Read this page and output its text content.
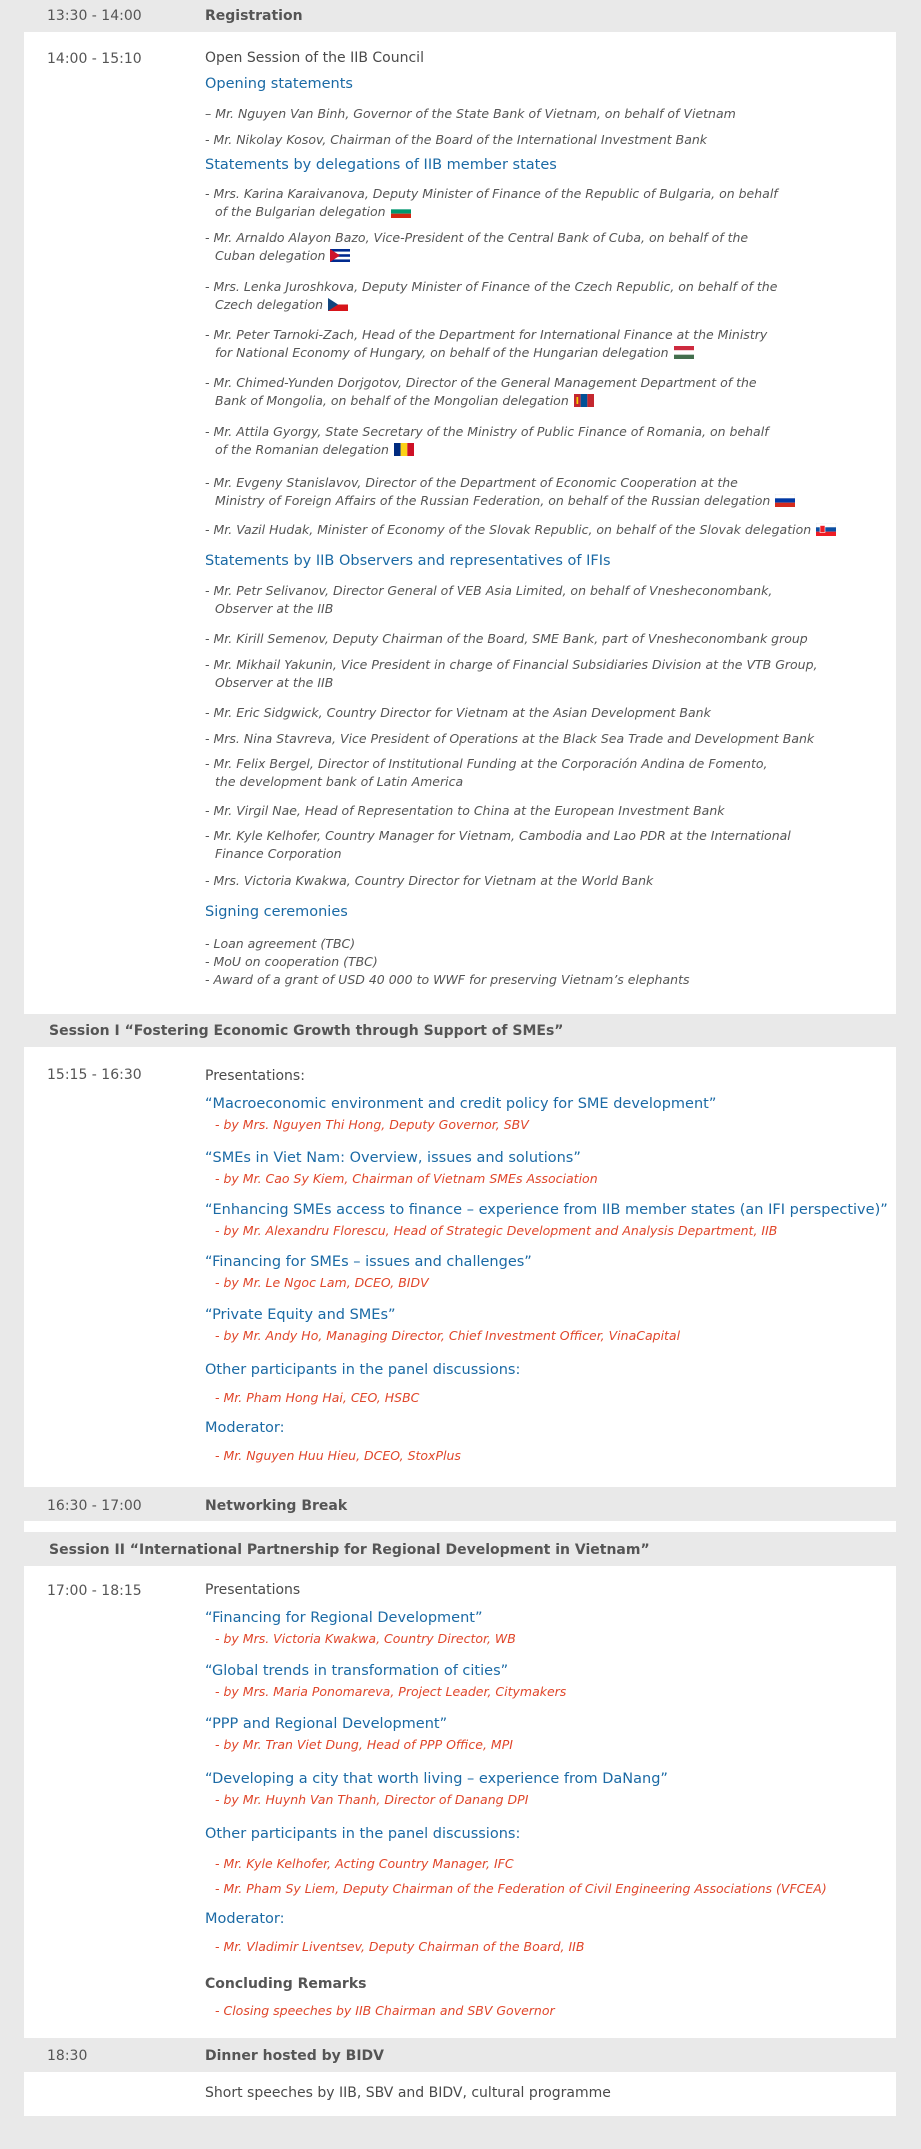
13:30 - 14:00	Registration
14:00 - 15:10	Open Session of the IIB Council
Opening statements
– Mr. Nguyen Van Binh, Governor of the State Bank of Vietnam, on behalf of Vietnam
- Mr. Nikolay Kosov, Chairman of the Board of the International Investment Bank
Statements by delegations of IIB member states
- Mrs. Karina Karaivanova, Deputy Minister of Finance of the Republic of Bulgaria, on behalf
of the Bulgarian delegation
- Mr. Arnaldo Alayon Bazo, Vice-President of the Central Bank of Cuba, on behalf of the
Cuban delegation
- Mrs. Lenka Juroshkova, Deputy Minister of Finance of the Czech Republic, on behalf of the
Czech delegation
- Mr. Peter Tarnoki-Zach, Head of the Department for International Finance at the Ministry
for National Economy of Hungary, on behalf of the Hungarian delegation
- Mr. Chimed-Yunden Dorjgotov, Director of the General Management Department of the
Bank of Mongolia, on behalf of the Mongolian delegation
- Mr. Attila Gyorgy, State Secretary of the Ministry of Public Finance of Romania, on behalf
of the Romanian delegation
- Mr. Evgeny Stanislavov, Director of the Department of Economic Cooperation at the
Ministry of Foreign Affairs of the Russian Federation, on behalf of the Russian delegation
- Mr. Vazil Hudak, Minister of Economy of the Slovak Republic, on behalf of the Slovak delegation
Statements by IIB Observers and representatives of IFIs
- Mr. Petr Selivanov, Director General of VEB Asia Limited, on behalf of Vnesheconombank,
Observer at the IIB
- Mr. Kirill Semenov, Deputy Chairman of the Board, SME Bank, part of Vnesheconombank group
- Mr. Mikhail Yakunin, Vice President in charge of Financial Subsidiaries Division at the VTB Group,
Observer at the IIB
- Mr. Eric Sidgwick, Country Director for Vietnam at the Asian Development Bank
- Mrs. Nina Stavreva, Vice President of Operations at the Black Sea Trade and Development Bank
- Mr. Felix Bergel, Director of Institutional Funding at the Corporación Andina de Fomento,
the development bank of Latin America
- Mr. Virgil Nae, Head of Representation to China at the European Investment Bank
- Mr. Kyle Kelhofer, Country Manager for Vietnam, Cambodia and Lao PDR at the International
Finance Corporation
- Mrs. Victoria Kwakwa, Country Director for Vietnam at the World Bank
Signing ceremonies
- Loan agreement (TBC)
- MoU on cooperation (TBC)
- Award of a grant of USD 40 000 to WWF for preserving Vietnam’s elephants
Session I “Fostering Economic Growth through Support of SMEs”
15:15 - 16:30	Presentations:
“Macroeconomic environment and credit policy for SME development”
- by Mrs. Nguyen Thi Hong, Deputy Governor, SBV
“SMEs in Viet Nam: Overview, issues and solutions”
- by Mr. Cao Sy Kiem, Chairman of Vietnam SMEs Association
“Enhancing SMEs access to finance – experience from IIB member states (an IFI perspective)”
- by Mr. Alexandru Florescu, Head of Strategic Development and Analysis Department, IIB
“Financing for SMEs – issues and challenges”
- by Mr. Le Ngoc Lam, DCEO, BIDV
“Private Equity and SMEs”
- by Mr. Andy Ho, Managing Director, Chief Investment Officer, VinaCapital
Other participants in the panel discussions:
- Mr. Pham Hong Hai, CEO, HSBC
Moderator:
- Mr. Nguyen Huu Hieu, DCEO, StoxPlus
16:30 - 17:00	Networking Break
Session II “International Partnership for Regional Development in Vietnam”
17:00 - 18:15	Presentations
“Financing for Regional Development”
- by Mrs. Victoria Kwakwa, Country Director, WB
“Global trends in transformation of cities”
- by Mrs. Maria Ponomareva, Project Leader, Citymakers
“PPP and Regional Development”
- by Mr. Tran Viet Dung, Head of PPP Office, MPI
“Developing a city that worth living – experience from DaNang”
- by Mr. Huynh Van Thanh, Director of Danang DPI
Other participants in the panel discussions:
- Mr. Kyle Kelhofer, Acting Country Manager, IFC
- Mr. Pham Sy Liem, Deputy Chairman of the Federation of Civil Engineering Associations (VFCEA)
Moderator:
- Mr. Vladimir Liventsev, Deputy Chairman of the Board, IIB
Concluding Remarks
- Closing speeches by IIB Chairman and SBV Governor
18:30	Dinner hosted by BIDV
Short speeches by IIB, SBV and BIDV, cultural programme
